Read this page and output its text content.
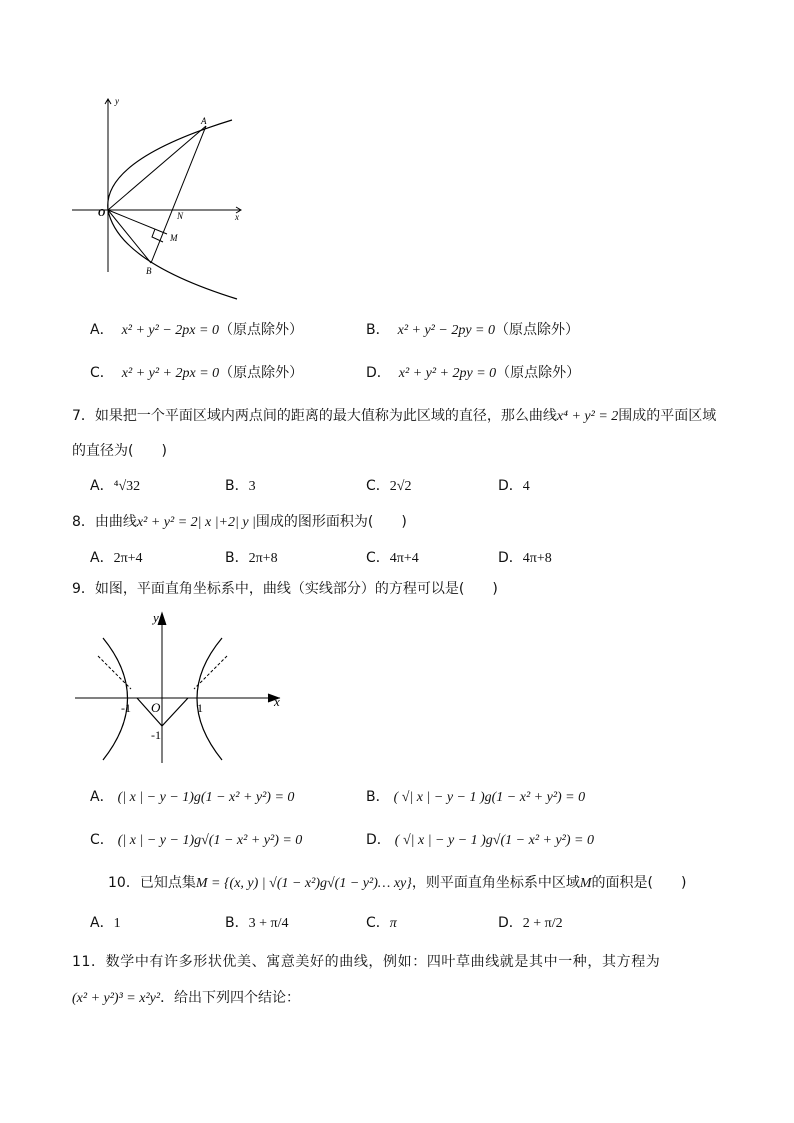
y
x
O
A
N
M
B
A． x² + y² − 2px = 0（原点除外）	B． x² + y² − 2py = 0（原点除外）
C． x² + y² + 2px = 0（原点除外）	D． x² + y² + 2py = 0（原点除外）
7．如果把一个平面区域内两点间的距离的最大值称为此区域的直径，那么曲线x⁴ + y² = 2围成的平面区域
的直径为(　　)
A．⁴√32	B．3	C．2√2	D．4
8．由曲线x² + y² = 2| x |+2| y |围成的图形面积为(　　)
A．2π+4	B．2π+8	C．4π+4	D．4π+8
9．如图，平面直角坐标系中，曲线（实线部分）的方程可以是(　　)
y
x
O
-1	1
-1
A． (| x | − y − 1)g(1 − x² + y²) = 0	B． ( √| x | − y − 1 )g(1 − x² + y²) = 0
C． (| x | − y − 1)g√(1 − x² + y²) = 0	D． ( √| x | − y − 1 )g√(1 − x² + y²) = 0
10．已知点集M = {(x, y) | √(1 − x²)g√(1 − y²)… xy}，则平面直角坐标系中区域M的面积是(　　)
A．1	B．3 + π/4	C．π	D．2 + π/2
11．数学中有许多形状优美、寓意美好的曲线，例如：四叶草曲线就是其中一种，其方程为
(x² + y²)³ = x²y²．给出下列四个结论：
